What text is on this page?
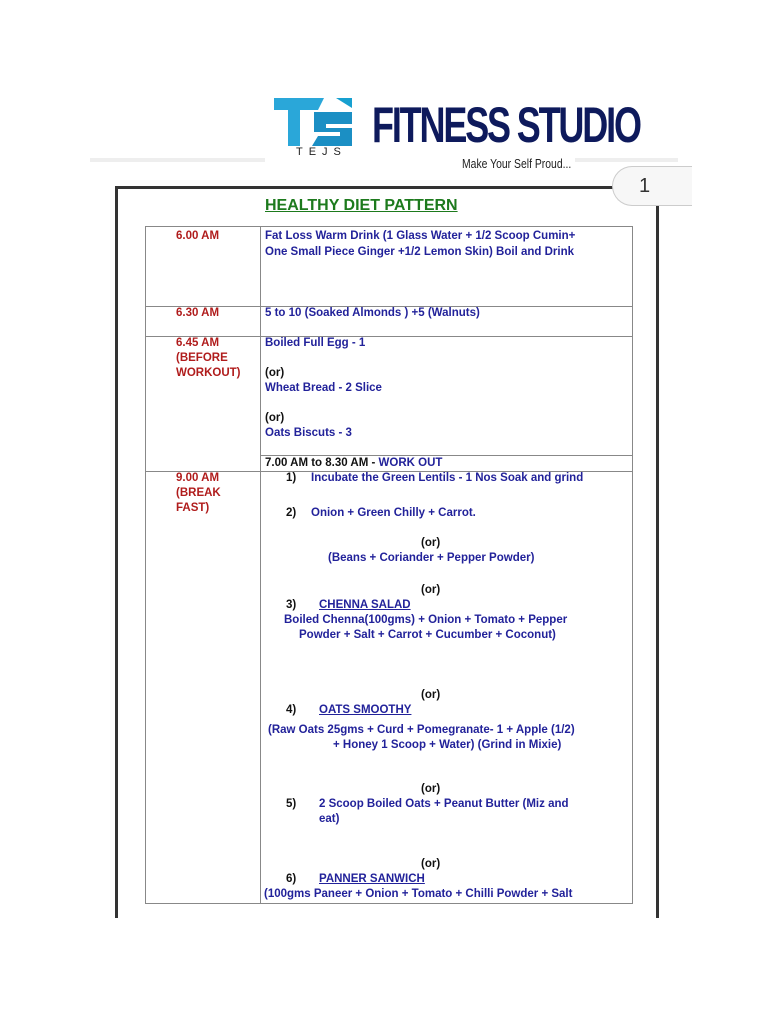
TEJS FITNESS STUDIO
Make Your Self Proud...
1
HEALTHY DIET PATTERN
6.00 AM	Fat Loss Warm Drink (1 Glass Water + 1/2 Scoop Cumin+
One Small Piece Ginger +1/2 Lemon Skin) Boil and Drink
6.30 AM	5 to 10 (Soaked Almonds ) +5 (Walnuts)
6.45 AM
(BEFORE
WORKOUT)
Boiled Full Egg - 1
(or)
Wheat Bread - 2 Slice
(or)
Oats Biscuts - 3
7.00 AM to 8.30 AM - WORK OUT
9.00 AM
(BREAK
FAST)
1) Incubate the Green Lentils - 1 Nos Soak and grind
2) Onion + Green Chilly + Carrot.
(or)
(Beans + Coriander + Pepper Powder)
(or)
3) CHENNA SALAD
Boiled Chenna(100gms) + Onion + Tomato + Pepper
Powder + Salt + Carrot + Cucumber + Coconut)
(or)
4) OATS SMOOTHY
(Raw Oats 25gms + Curd + Pomegranate- 1 + Apple (1/2)
+ Honey 1 Scoop + Water) (Grind in Mixie)
(or)
5) 2 Scoop Boiled Oats + Peanut Butter (Miz and
eat)
(or)
6) PANNER SANWICH
(100gms Paneer + Onion + Tomato + Chilli Powder + Salt
